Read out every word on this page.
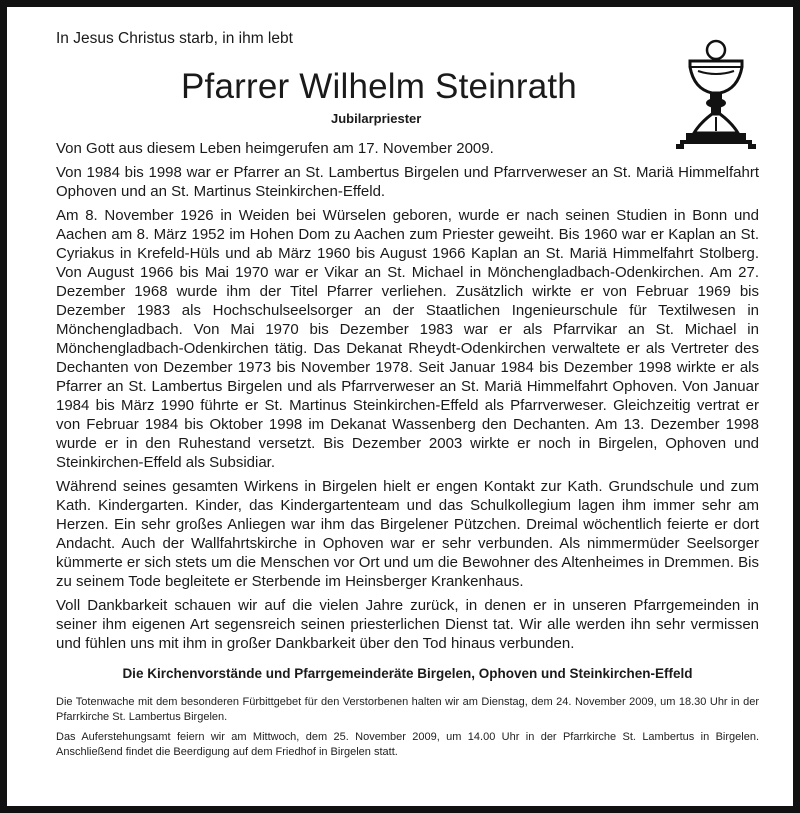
In Jesus Christus starb, in ihm lebt

Pfarrer Wilhelm Steinrath

Jubilarpriester

Von Gott aus diesem Leben heimgerufen am 17. November 2009.

Von 1984 bis 1998 war er Pfarrer an St. Lambertus Birgelen und Pfarrverweser an St. Mariä Himmelfahrt Ophoven und an St. Martinus Steinkirchen-Effeld.

Am 8. November 1926 in Weiden bei Würselen geboren, wurde er nach seinen Studien in Bonn und Aachen am 8. März 1952 im Hohen Dom zu Aachen zum Priester geweiht. Bis 1960 war er Kaplan an St. Cyriakus in Krefeld-Hüls und ab März 1960 bis August 1966 Kaplan an St. Mariä Himmelfahrt Stolberg. Von August 1966 bis Mai 1970 war er Vikar an St. Michael in Mönchengladbach-Odenkirchen. Am 27. Dezember 1968 wurde ihm der Titel Pfarrer verliehen. Zusätzlich wirkte er von Februar 1969 bis Dezember 1983 als Hochschulseelsorger an der Staatlichen Ingenieurschule für Textilwesen in Mönchengladbach. Von Mai 1970 bis Dezember 1983 war er als Pfarrvikar an St. Michael in Mönchengladbach-Odenkirchen tätig. Das Dekanat Rheydt-Odenkirchen verwaltete er als Vertreter des Dechanten von Dezember 1973 bis November 1978. Seit Januar 1984 bis Dezember 1998 wirkte er als Pfarrer an St. Lambertus Birgelen und als Pfarrverweser an St. Mariä Himmelfahrt Ophoven. Von Januar 1984 bis März 1990 führte er St. Martinus Steinkirchen-Effeld als Pfarrverweser. Gleichzeitig vertrat er von Februar 1984 bis Oktober 1998 im Dekanat Wassenberg den Dechanten. Am 13. Dezember 1998 wurde er in den Ruhestand versetzt. Bis Dezember 2003 wirkte er noch in Birgelen, Ophoven und Steinkirchen-Effeld als Subsidiar.

Während seines gesamten Wirkens in Birgelen hielt er engen Kontakt zur Kath. Grundschule und zum Kath. Kindergarten. Kinder, das Kindergartenteam und das Schulkollegium lagen ihm immer sehr am Herzen. Ein sehr großes Anliegen war ihm das Birgelener Pützchen. Dreimal wöchentlich feierte er dort Andacht. Auch der Wallfahrtskirche in Ophoven war er sehr verbunden. Als nimmermüder Seelsorger kümmerte er sich stets um die Menschen vor Ort und um die Bewohner des Altenheimes in Dremmen. Bis zu seinem Tode begleitete er Sterbende im Heinsberger Krankenhaus.

Voll Dankbarkeit schauen wir auf die vielen Jahre zurück, in denen er in unseren Pfarrgemeinden in seiner ihm eigenen Art segensreich seinen priesterlichen Dienst tat. Wir alle werden ihn sehr vermissen und fühlen uns mit ihm in großer Dankbarkeit über den Tod hinaus verbunden.

Die Kirchenvorstände und Pfarrgemeinderäte Birgelen, Ophoven und Steinkirchen-Effeld

Die Totenwache mit dem besonderen Fürbittgebet für den Verstorbenen halten wir am Dienstag, dem 24. November 2009, um 18.30 Uhr in der Pfarrkirche St. Lambertus Birgelen.

Das Auferstehungsamt feiern wir am Mittwoch, dem 25. November 2009, um 14.00 Uhr in der Pfarrkirche St. Lambertus in Birgelen. Anschließend findet die Beerdigung auf dem Friedhof in Birgelen statt.
